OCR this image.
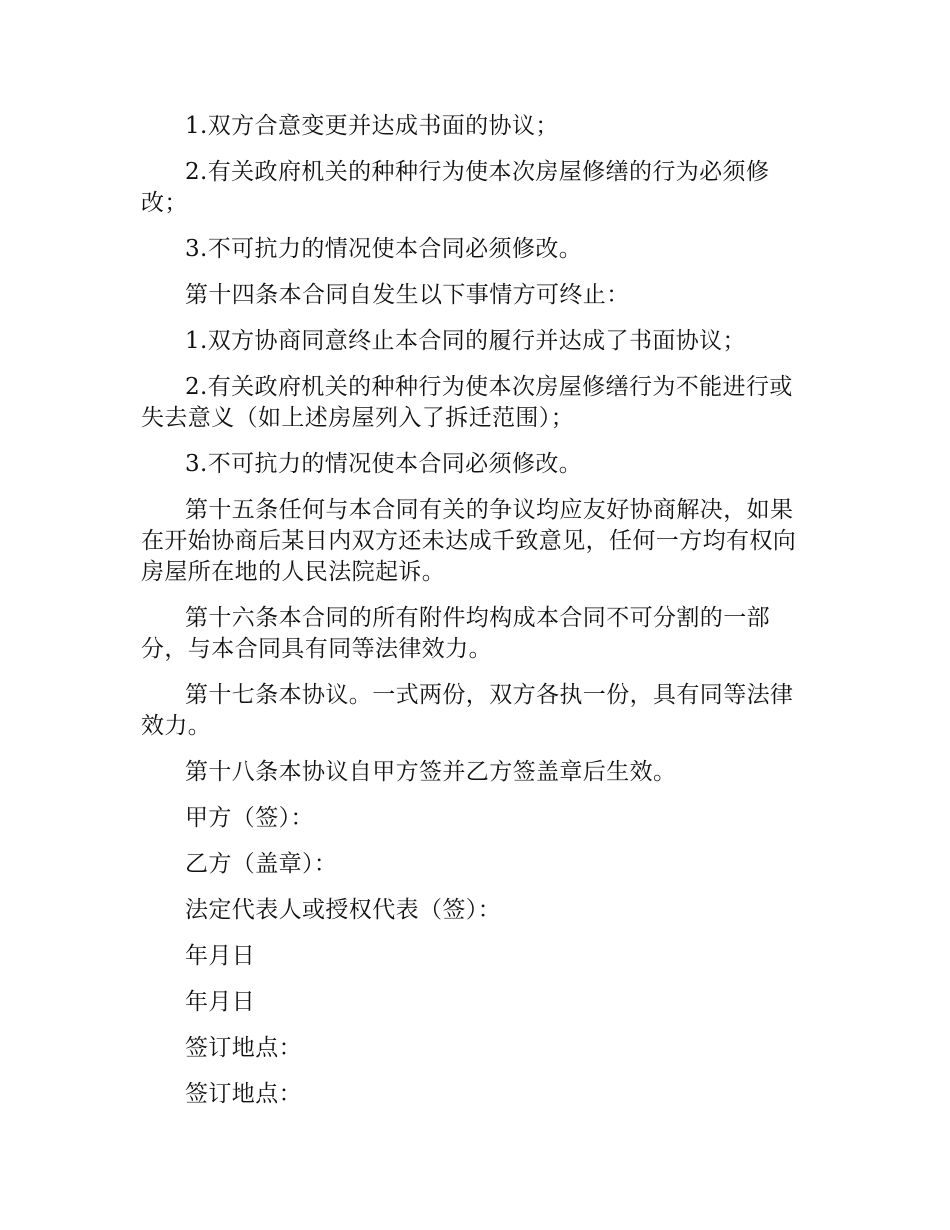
1.双方合意变更并达成书面的协议；

2.有关政府机关的种种行为使本次房屋修缮的行为必须修改；

3.不可抗力的情况使本合同必须修改。

第十四条本合同自发生以下事情方可终止：

1.双方协商同意终止本合同的履行并达成了书面协议；

2.有关政府机关的种种行为使本次房屋修缮行为不能进行或失去意义（如上述房屋列入了拆迁范围）；

3.不可抗力的情况使本合同必须修改。

第十五条任何与本合同有关的争议均应友好协商解决，如果在开始协商后某日内双方还未达成千致意见，任何一方均有权向房屋所在地的人民法院起诉。

第十六条本合同的所有附件均构成本合同不可分割的一部分，与本合同具有同等法律效力。

第十七条本协议。一式两份，双方各执一份，具有同等法律效力。

第十八条本协议自甲方签并乙方签盖章后生效。

甲方（签）：

乙方（盖章）：

法定代表人或授权代表（签）：

年月日

年月日

签订地点：

签订地点：
